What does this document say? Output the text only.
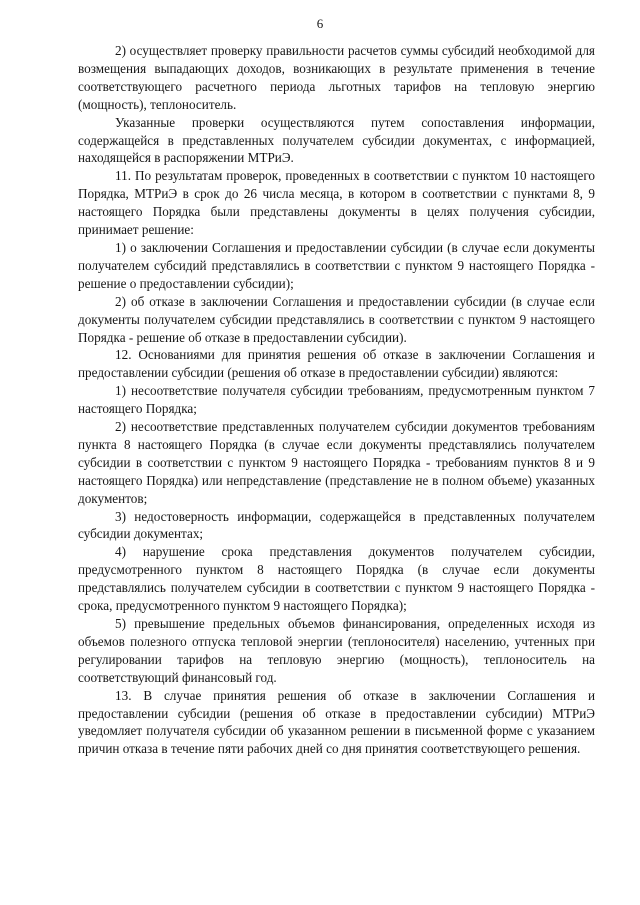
6

2) осуществляет проверку правильности расчетов суммы субсидий необходимой для возмещения выпадающих доходов, возникающих в результате применения в течение соответствующего расчетного периода льготных тарифов на тепловую энергию (мощность), теплоноситель.

Указанные проверки осуществляются путем сопоставления информации, содержащейся в представленных получателем субсидии документах, с информацией, находящейся в распоряжении МТРиЭ.

11. По результатам проверок, проведенных в соответствии с пунктом 10 настоящего Порядка, МТРиЭ в срок до 26 числа месяца, в котором в соответствии с пунктами 8, 9 настоящего Порядка были представлены документы в целях получения субсидии, принимает решение:

1) о заключении Соглашения и предоставлении субсидии (в случае если документы получателем субсидий представлялись в соответствии с пунктом 9 настоящего Порядка - решение о предоставлении субсидии);

2) об отказе в заключении Соглашения и предоставлении субсидии (в случае если документы получателем субсидии представлялись в соответствии с пунктом 9 настоящего Порядка - решение об отказе в предоставлении субсидии).

12. Основаниями для принятия решения об отказе в заключении Соглашения и предоставлении субсидии (решения об отказе в предоставлении субсидии) являются:

1) несоответствие получателя субсидии требованиям, предусмотренным пунктом 7 настоящего Порядка;

2) несоответствие представленных получателем субсидии документов требованиям пункта 8 настоящего Порядка (в случае если документы представлялись получателем субсидии в соответствии с пунктом 9 настоящего Порядка - требованиям пунктов 8 и 9 настоящего Порядка) или непредставление (представление не в полном объеме) указанных документов;

3) недостоверность информации, содержащейся в представленных получателем субсидии документах;

4) нарушение срока представления документов получателем субсидии, предусмотренного пунктом 8 настоящего Порядка (в случае если документы представлялись получателем субсидии в соответствии с пунктом 9 настоящего Порядка - срока, предусмотренного пунктом 9 настоящего Порядка);

5) превышение предельных объемов финансирования, определенных исходя из объемов полезного отпуска тепловой энергии (теплоносителя) населению, учтенных при регулировании тарифов на тепловую энергию (мощность), теплоноситель на соответствующий финансовый год.

13. В случае принятия решения об отказе в заключении Соглашения и предоставлении субсидии (решения об отказе в предоставлении субсидии) МТРиЭ уведомляет получателя субсидии об указанном решении в письменной форме с указанием причин отказа в течение пяти рабочих дней со дня принятия соответствующего решения.
